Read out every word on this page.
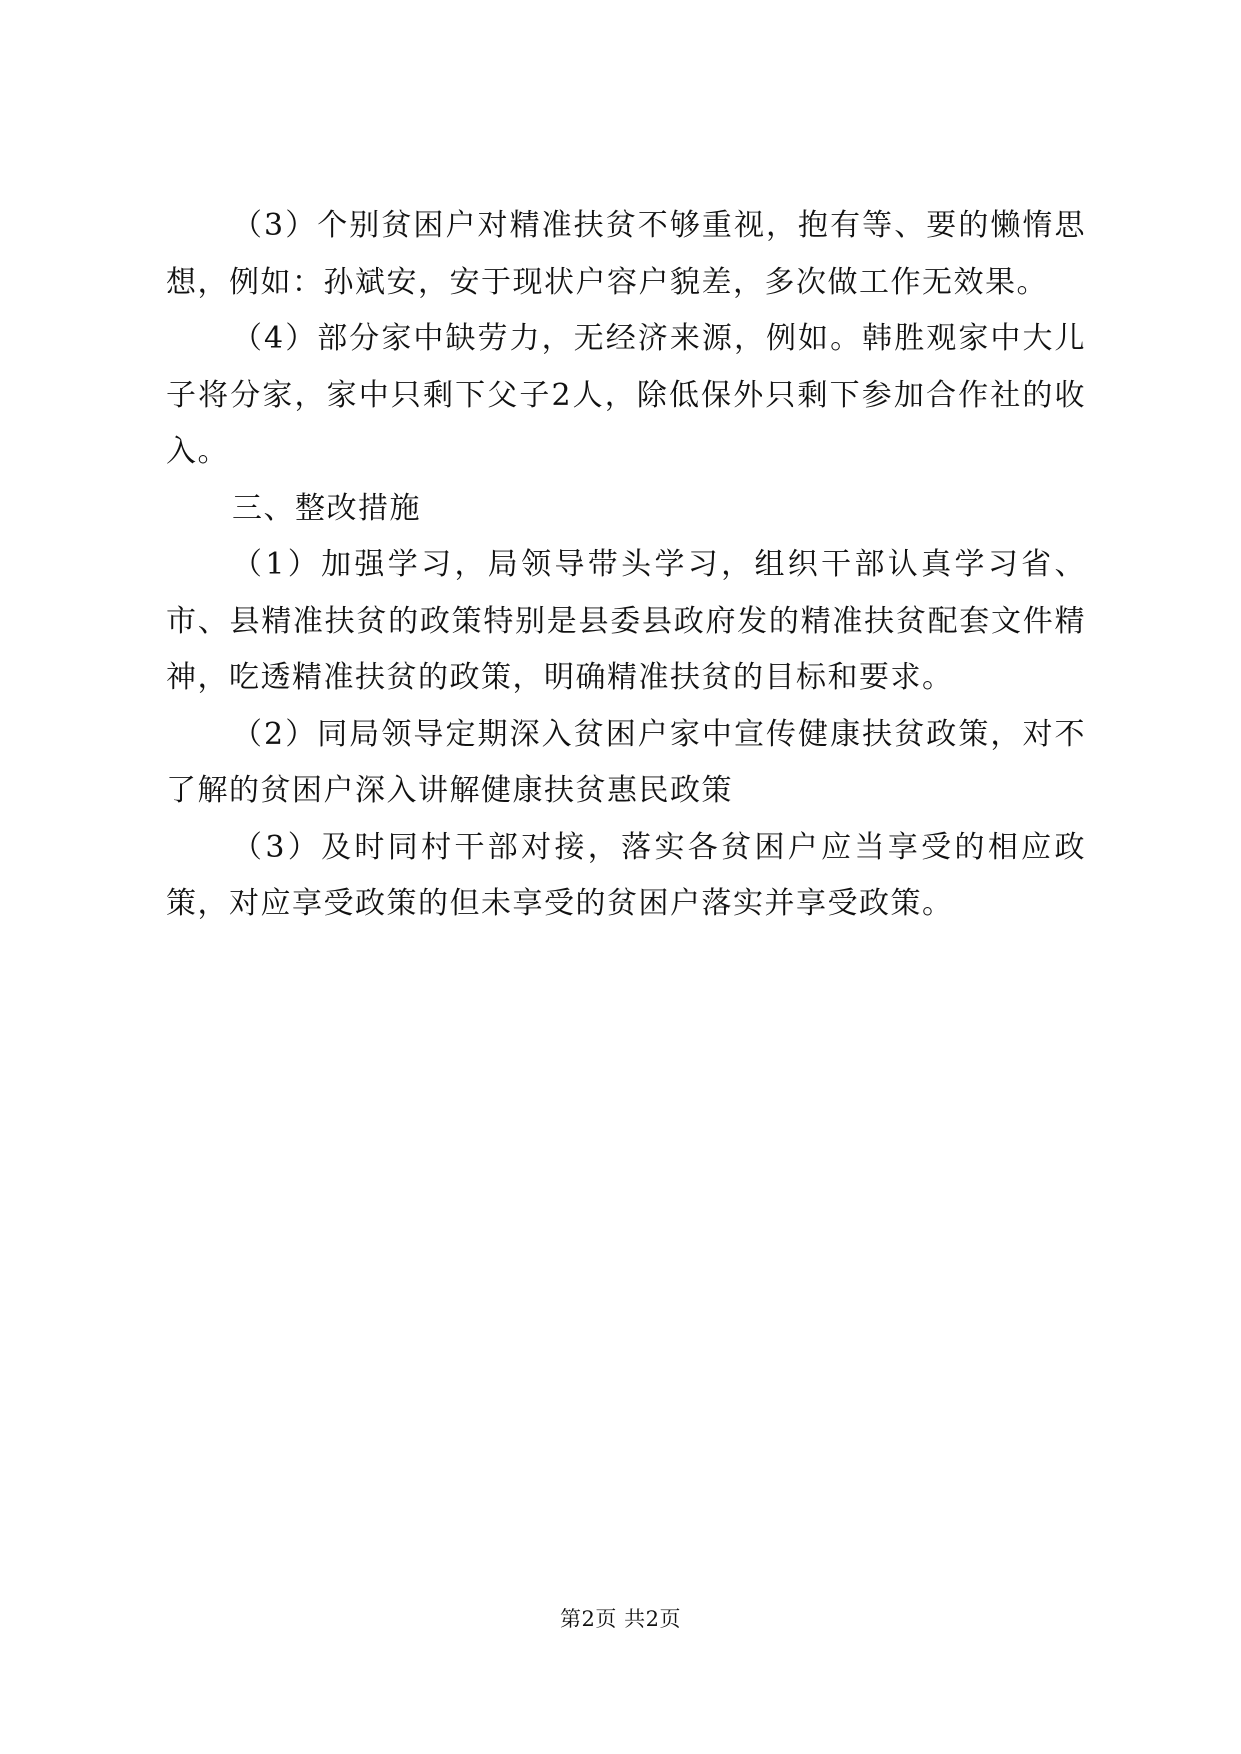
（3）个别贫困户对精准扶贫不够重视，抱有等、要的懒惰思想，例如：孙斌安，安于现状户容户貌差，多次做工作无效果。

（4）部分家中缺劳力，无经济来源，例如。韩胜观家中大儿子将分家，家中只剩下父子2人，除低保外只剩下参加合作社的收入。

三、整改措施

（1）加强学习，局领导带头学习，组织干部认真学习省、市、县精准扶贫的政策特别是县委县政府发的精准扶贫配套文件精神，吃透精准扶贫的政策，明确精准扶贫的目标和要求。

（2）同局领导定期深入贫困户家中宣传健康扶贫政策，对不了解的贫困户深入讲解健康扶贫惠民政策

（3）及时同村干部对接，落实各贫困户应当享受的相应政策，对应享受政策的但未享受的贫困户落实并享受政策。

第2页 共2页
